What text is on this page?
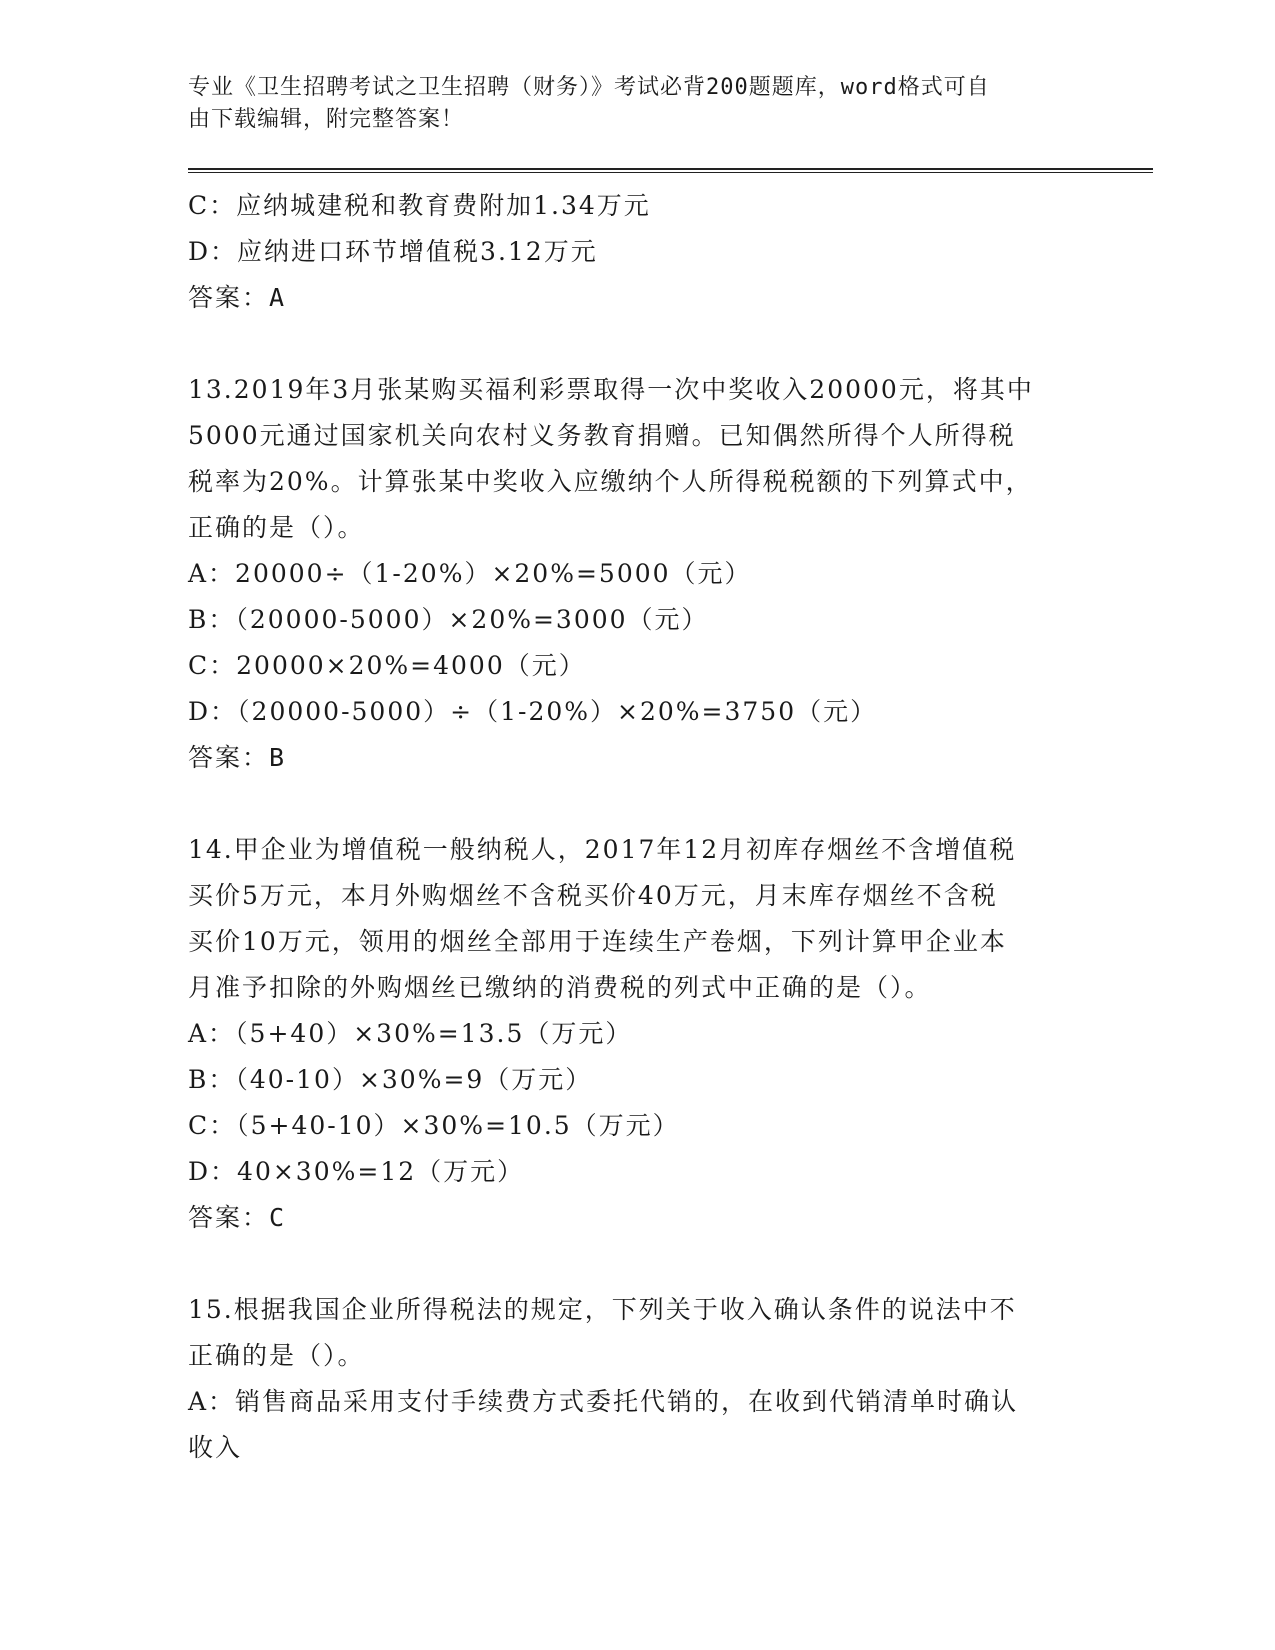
专业《卫生招聘考试之卫生招聘（财务）》考试必背200题题库，word格式可自
由下载编辑，附完整答案！
C：应纳城建税和教育费附加1.34万元
D：应纳进口环节增值税3.12万元
答案：A
13.2019年3月张某购买福利彩票取得一次中奖收入20000元，将其中
5000元通过国家机关向农村义务教育捐赠。已知偶然所得个人所得税
税率为20%。计算张某中奖收入应缴纳个人所得税税额的下列算式中，
正确的是（）。
A：20000÷（1-20%）×20%=5000（元）
B：（20000-5000）×20%=3000（元）
C：20000×20%=4000（元）
D：（20000-5000）÷（1-20%）×20%=3750（元）
答案：B
14.甲企业为增值税一般纳税人，2017年12月初库存烟丝不含增值税
买价5万元，本月外购烟丝不含税买价40万元，月末库存烟丝不含税
买价10万元，领用的烟丝全部用于连续生产卷烟，下列计算甲企业本
月准予扣除的外购烟丝已缴纳的消费税的列式中正确的是（）。
A：（5+40）×30%=13.5（万元）
B：（40-10）×30%=9（万元）
C：（5+40-10）×30%=10.5（万元）
D：40×30%=12（万元）
答案：C
15.根据我国企业所得税法的规定，下列关于收入确认条件的说法中不
正确的是（）。
A：销售商品采用支付手续费方式委托代销的，在收到代销清单时确认
收入
